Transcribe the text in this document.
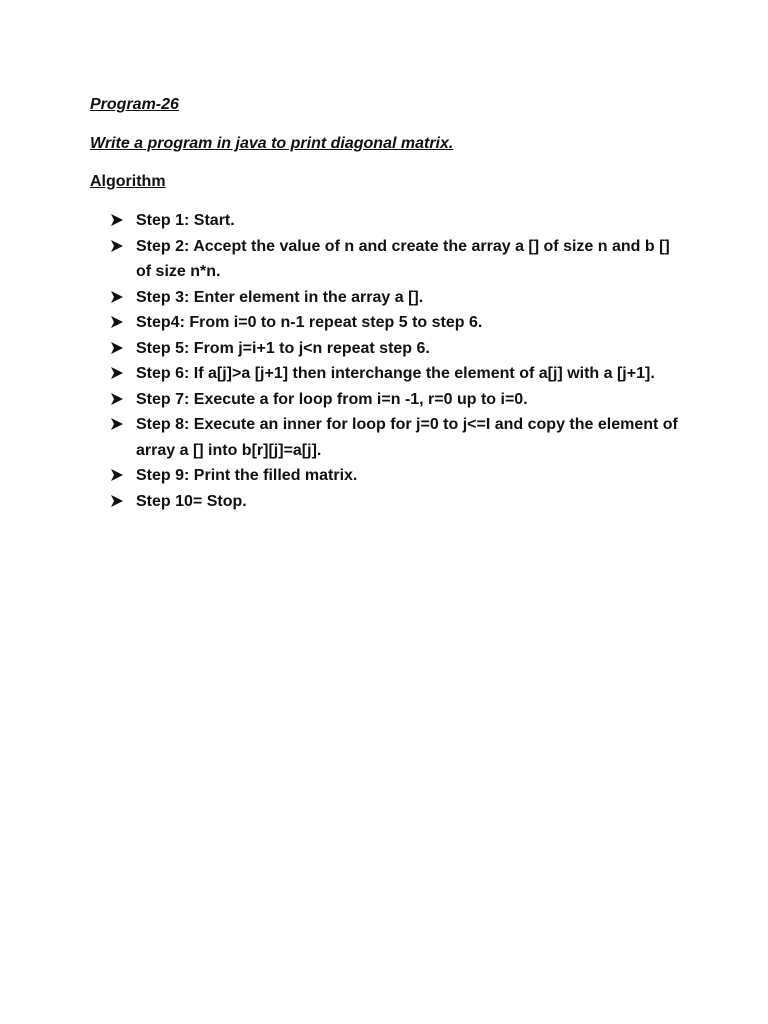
Program-26
Write a program in java to print diagonal matrix.
Algorithm
Step 1: Start.
Step 2: Accept the value of n and create the array a [] of size n and b [] of size n*n.
Step 3: Enter element in the array a [].
Step4: From i=0 to n-1 repeat step 5 to step 6.
Step 5: From j=i+1 to j<n repeat step 6.
Step 6: If a[j]>a [j+1] then interchange the element of a[j] with a [j+1].
Step 7: Execute a for loop from i=n -1, r=0 up to i=0.
Step 8: Execute an inner for loop for j=0 to j<=I and copy the element of array a [] into b[r][j]=a[j].
Step 9: Print the filled matrix.
Step 10= Stop.
